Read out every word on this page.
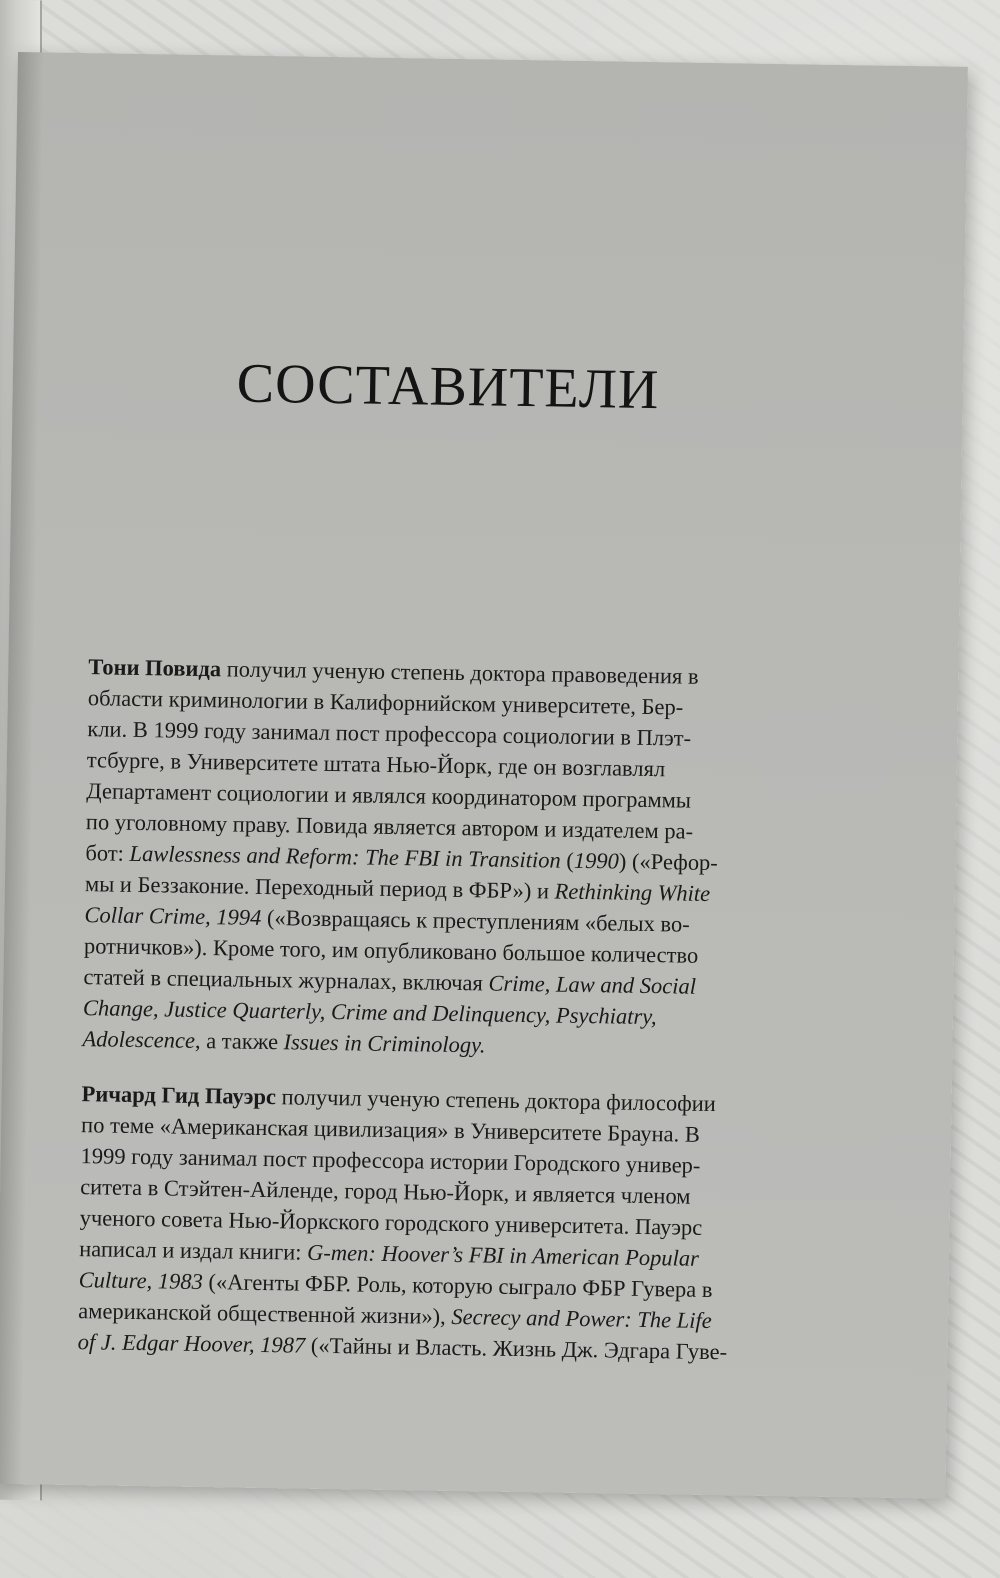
СОСТАВИТЕЛИ
Тони Повида получил ученую степень доктора правоведения в
области криминологии в Калифорнийском университете, Бер-
кли. В 1999 году занимал пост профессора социологии в Плэт-
тсбурге, в Университете штата Нью-Йорк, где он возглавлял
Департамент социологии и являлся координатором программы
по уголовному праву. Повида является автором и издателем ра-
бот: Lawlessness and Reform: The FBI in Transition (1990) («Рефор-
мы и Беззаконие. Переходный период в ФБР») и Rethinking White
Collar Crime, 1994 («Возвращаясь к преступлениям «белых во-
ротничков»). Кроме того, им опубликовано большое количество
статей в специальных журналах, включая Crime, Law and Social
Change, Justice Quarterly, Crime and Delinquency, Psychiatry,
Adolescence, а также Issues in Criminology.
Ричард Гид Пауэрс получил ученую степень доктора философии
по теме «Американская цивилизация» в Университете Брауна. В
1999 году занимал пост профессора истории Городского универ-
ситета в Стэйтен-Айленде, город Нью-Йорк, и является членом
ученого совета Нью-Йоркского городского университета. Пауэрс
написал и издал книги: G-men: Hoover’s FBI in American Popular
Culture, 1983 («Агенты ФБР. Роль, которую сыграло ФБР Гувера в
американской общественной жизни»), Secrecy and Power: The Life
of J. Edgar Hoover, 1987 («Тайны и Власть. Жизнь Дж. Эдгара Гуве-
